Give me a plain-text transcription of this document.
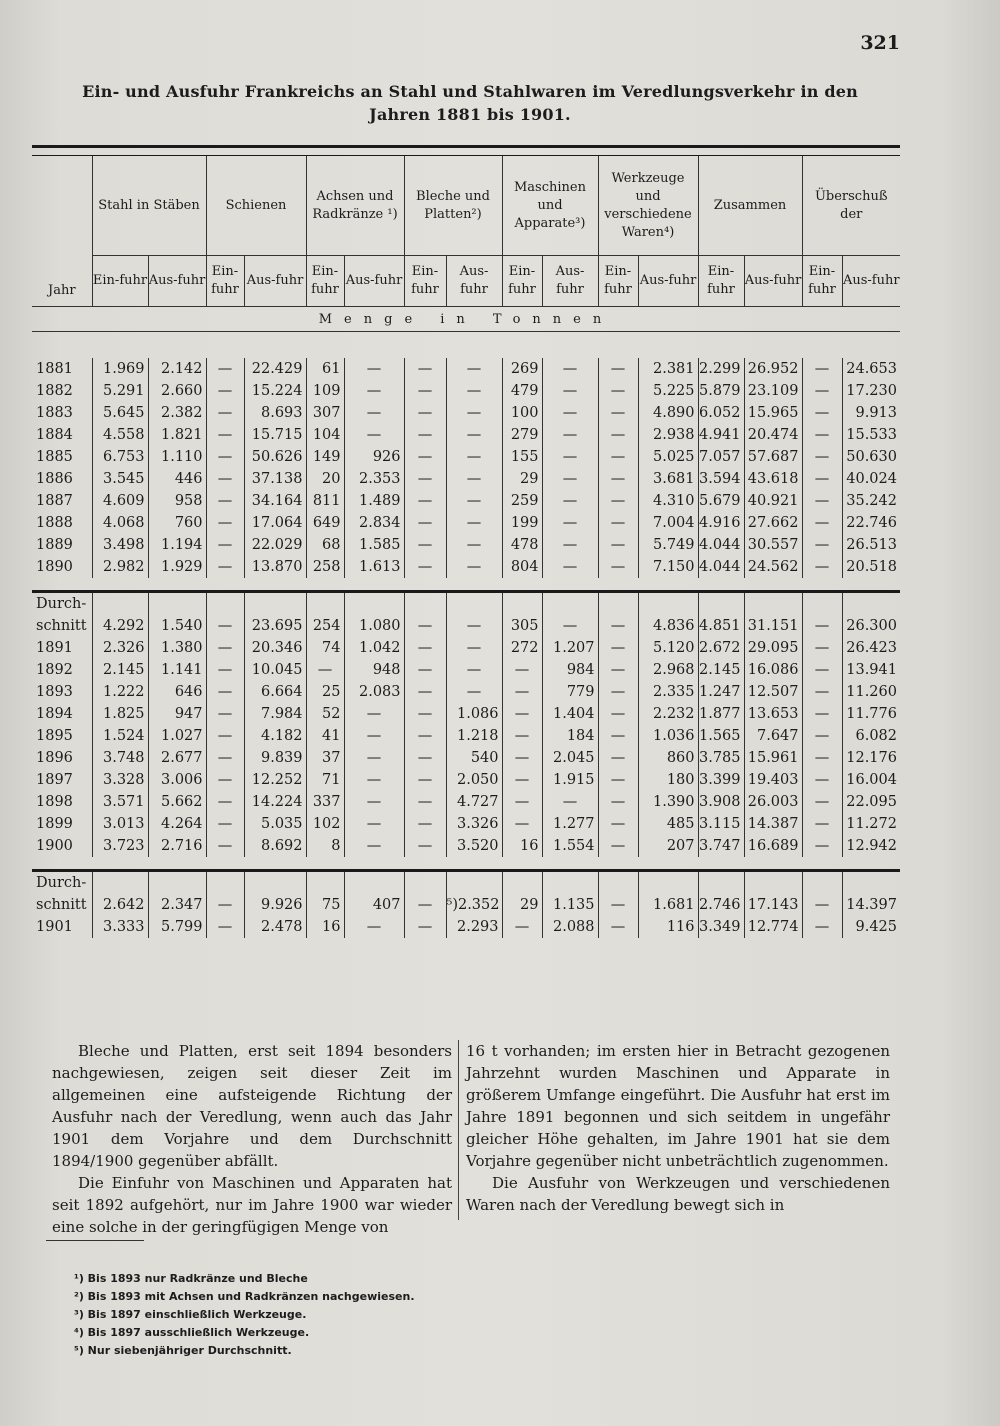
321
Ein- und Ausfuhr Frankreichs an Stahl und Stahlwaren im Veredlungsverkehr in den Jahren 1881 bis 1901.

Jahr	Stahl in Stäben		Schienen		Achsen und Radkränze ¹)		Bleche und Platten²)		Maschinen und Apparate³)		Werkzeuge und verschiedene Waren⁴)		Zusammen		Überschuß der	
	Ein-fuhr	Aus-fuhr	Ein-fuhr	Aus-fuhr	Ein-fuhr	Aus-fuhr	Ein-fuhr	Aus-fuhr	Ein-fuhr	Aus-fuhr	Ein-fuhr	Aus-fuhr	Ein-fuhr	Aus-fuhr	Ein-fuhr	Aus-fuhr
Menge in Tonnen																

1881	1.969	2.142	—	22.429	61	—	—	—	269	—	—	2.381	2.299	26.952	—	24.653
1882	5.291	2.660	—	15.224	109	—	—	—	479	—	—	5.225	5.879	23.109	—	17.230
1883	5.645	2.382	—	8.693	307	—	—	—	100	—	—	4.890	6.052	15.965	—	9.913
1884	4.558	1.821	—	15.715	104	—	—	—	279	—	—	2.938	4.941	20.474	—	15.533
1885	6.753	1.110	—	50.626	149	926	—	—	155	—	—	5.025	7.057	57.687	—	50.630
1886	3.545	446	—	37.138	20	2.353	—	—	29	—	—	3.681	3.594	43.618	—	40.024
1887	4.609	958	—	34.164	811	1.489	—	—	259	—	—	4.310	5.679	40.921	—	35.242
1888	4.068	760	—	17.064	649	2.834	—	—	199	—	—	7.004	4.916	27.662	—	22.746
1889	3.498	1.194	—	22.029	68	1.585	—	—	478	—	—	5.749	4.044	30.557	—	26.513
1890	2.982	1.929	—	13.870	258	1.613	—	—	804	—	—	7.150	4.044	24.562	—	20.518

Durch-																
schnitt	4.292	1.540	—	23.695	254	1.080	—	—	305	—	—	4.836	4.851	31.151	—	26.300
1891	2.326	1.380	—	20.346	74	1.042	—	—	272	1.207	—	5.120	2.672	29.095	—	26.423
1892	2.145	1.141	—	10.045	—	948	—	—	—	984	—	2.968	2.145	16.086	—	13.941
1893	1.222	646	—	6.664	25	2.083	—	—	—	779	—	2.335	1.247	12.507	—	11.260
1894	1.825	947	—	7.984	52	—	—	1.086	—	1.404	—	2.232	1.877	13.653	—	11.776
1895	1.524	1.027	—	4.182	41	—	—	1.218	—	184	—	1.036	1.565	7.647	—	6.082
1896	3.748	2.677	—	9.839	37	—	—	540	—	2.045	—	860	3.785	15.961	—	12.176
1897	3.328	3.006	—	12.252	71	—	—	2.050	—	1.915	—	180	3.399	19.403	—	16.004
1898	3.571	5.662	—	14.224	337	—	—	4.727	—	—	—	1.390	3.908	26.003	—	22.095
1899	3.013	4.264	—	5.035	102	—	—	3.326	—	1.277	—	485	3.115	14.387	—	11.272
1900	3.723	2.716	—	8.692	8	—	—	3.520	16	1.554	—	207	3.747	16.689	—	12.942

Durch-																
schnitt	2.642	2.347	—	9.926	75	407	—	⁵)2.352	29	1.135	—	1.681	2.746	17.143	—	14.397
1901	3.333	5.799	—	2.478	16	—	—	2.293	—	2.088	—	116	3.349	12.774	—	9.425

Bleche und Platten, erst seit 1894 besonders nachgewiesen, zeigen seit dieser Zeit im allgemeinen eine aufsteigende Richtung der Ausfuhr nach der Veredlung, wenn auch das Jahr 1901 dem Vorjahre und dem Durchschnitt 1894/1900 gegenüber abfällt.

Die Einfuhr von Maschinen und Apparaten hat seit 1892 aufgehört, nur im Jahre 1900 war wieder eine solche in der geringfügigen Menge von

16 t vorhanden; im ersten hier in Betracht gezogenen Jahrzehnt wurden Maschinen und Apparate in größerem Umfange eingeführt. Die Ausfuhr hat erst im Jahre 1891 begonnen und sich seitdem in ungefähr gleicher Höhe gehalten, im Jahre 1901 hat sie dem Vorjahre gegenüber nicht unbeträchtlich zugenommen.

Die Ausfuhr von Werkzeugen und verschiedenen Waren nach der Veredlung bewegt sich in

¹) Bis 1893 nur Radkränze und Bleche
²) Bis 1893 mit Achsen und Radkränzen nachgewiesen.
³) Bis 1897 einschließlich Werkzeuge.
⁴) Bis 1897 ausschließlich Werkzeuge.
⁵) Nur siebenjähriger Durchschnitt.
